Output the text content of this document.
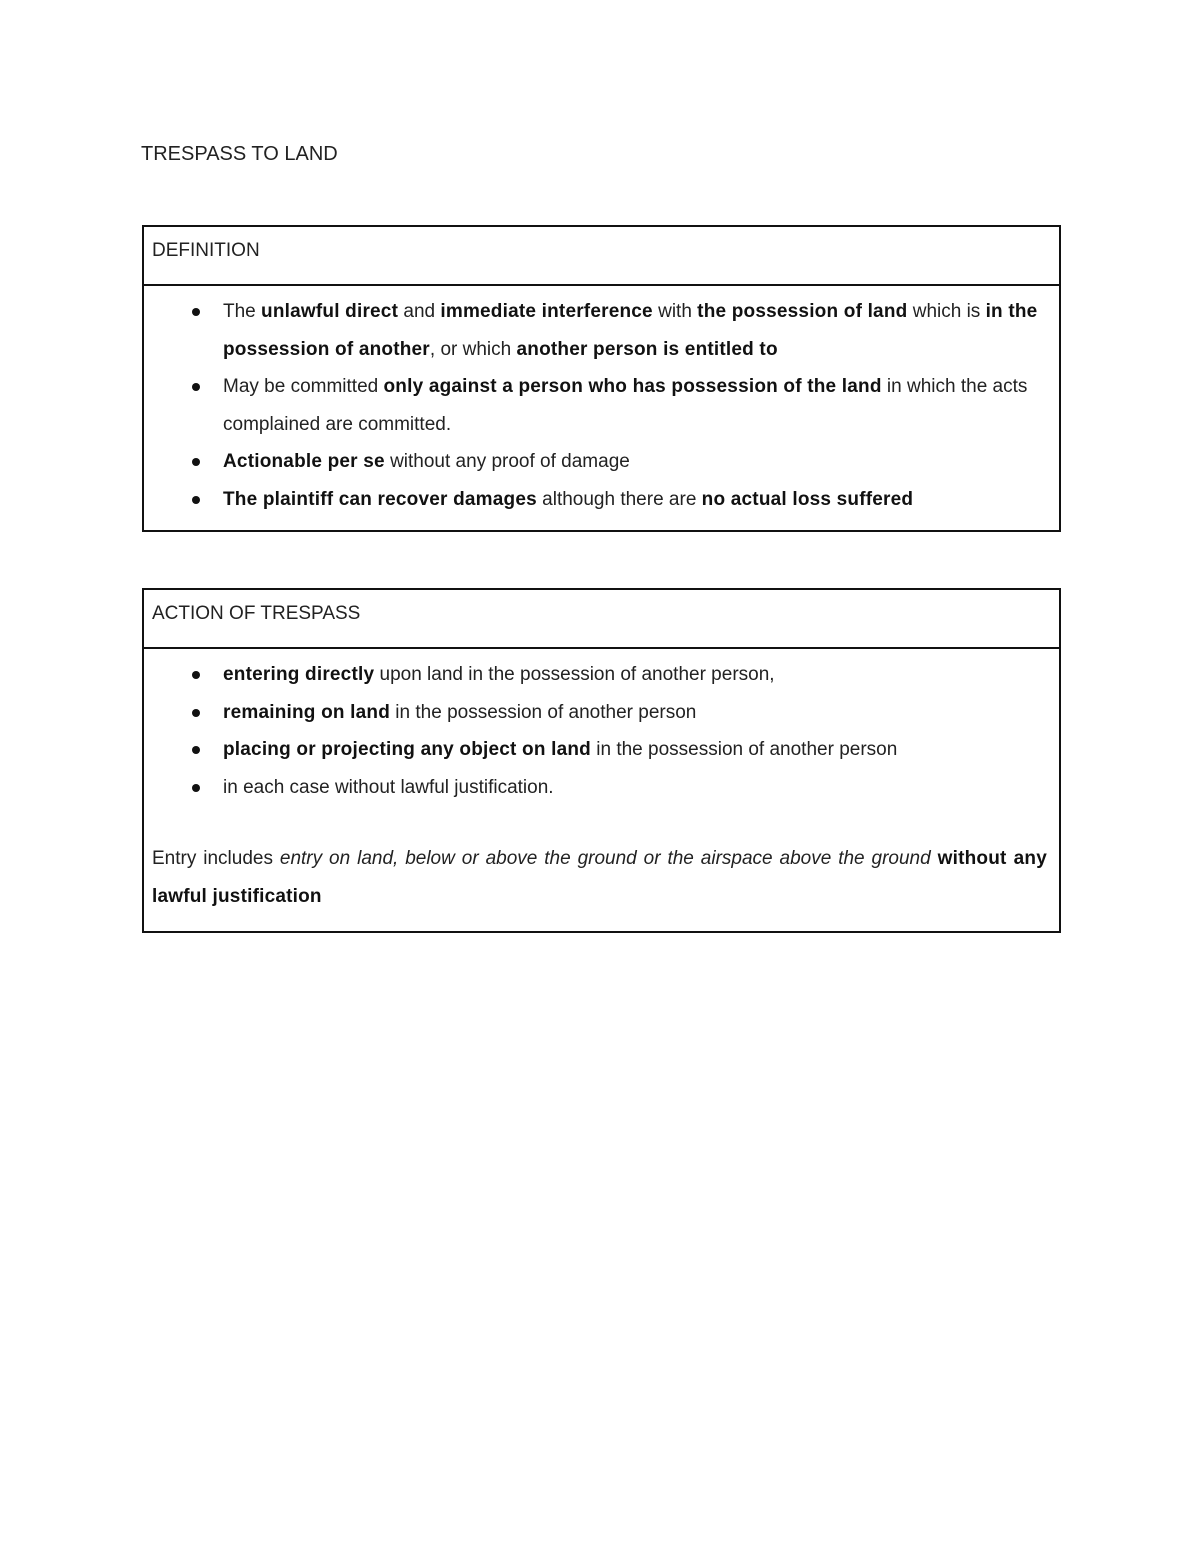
TRESPASS TO LAND
DEFINITION
The unlawful direct and immediate interference with the possession of land which is in the possession of another, or which another person is entitled to
May be committed only against a person who has possession of the land in which the acts complained are committed.
Actionable per se without any proof of damage
The plaintiff can recover damages although there are no actual loss suffered
ACTION OF TRESPASS
entering directly upon land in the possession of another person,
remaining on land in the possession of another person
placing or projecting any object on land in the possession of another person
in each case without lawful justification.
Entry includes entry on land, below or above the ground or the airspace above the ground without any lawful justification
